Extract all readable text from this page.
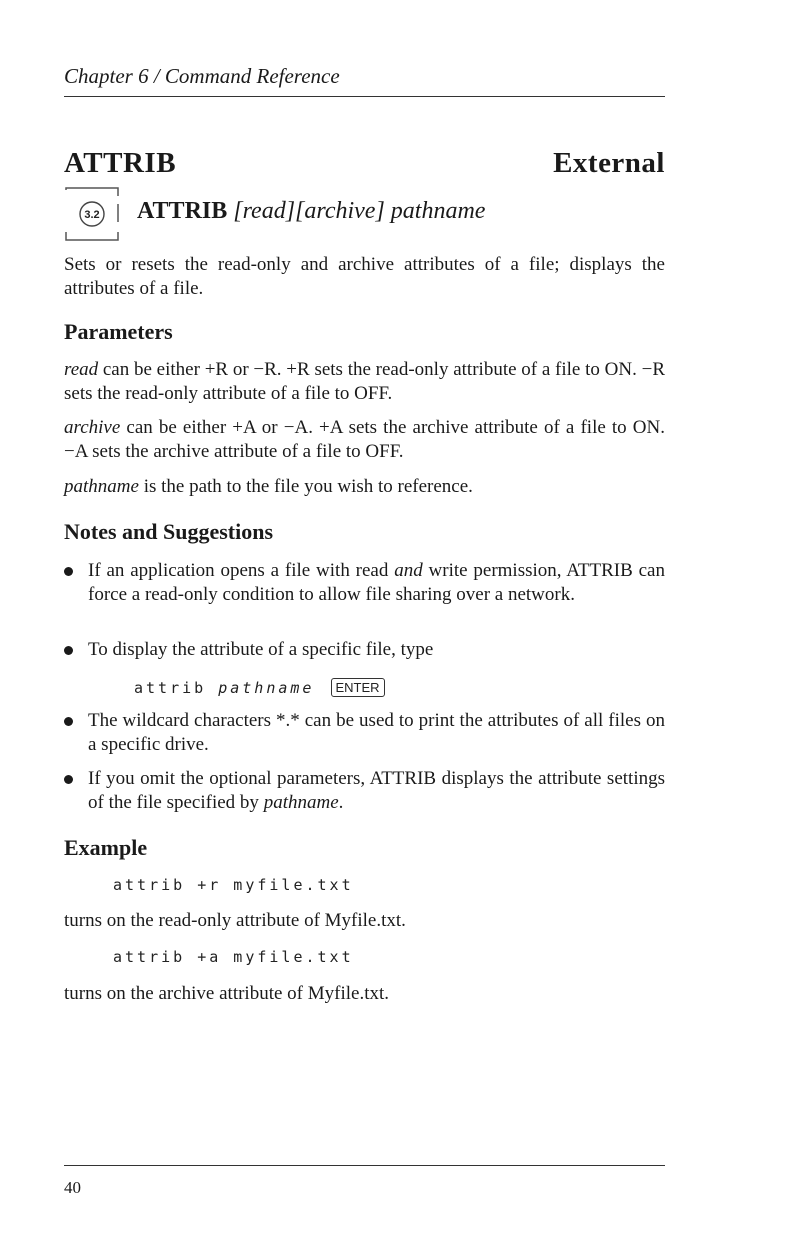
Chapter 6 / Command Reference
ATTRIB	External
3.2 ATTRIB [read][archive] pathname

Sets or resets the read-only and archive attributes of a file; displays the attributes of a file.

Parameters

read can be either +R or −R. +R sets the read-only attribute of a file to ON. −R sets the read-only attribute of a file to OFF.

archive can be either +A or −A. +A sets the archive attribute of a file to ON. −A sets the archive attribute of a file to OFF.

pathname is the path to the file you wish to reference.

Notes and Suggestions
If an application opens a file with read and write permission, ATTRIB can force a read-only condition to allow file sharing over a network.
To display the attribute of a specific file, type
attrib pathname ENTER
The wildcard characters *.* can be used to print the attributes of all files on a specific drive.
If you omit the optional parameters, ATTRIB displays the attribute settings of the file specified by pathname.
Example
attrib +r myfile.txt

turns on the read-only attribute of Myfile.txt.

attrib +a myfile.txt

turns on the archive attribute of Myfile.txt.

40
